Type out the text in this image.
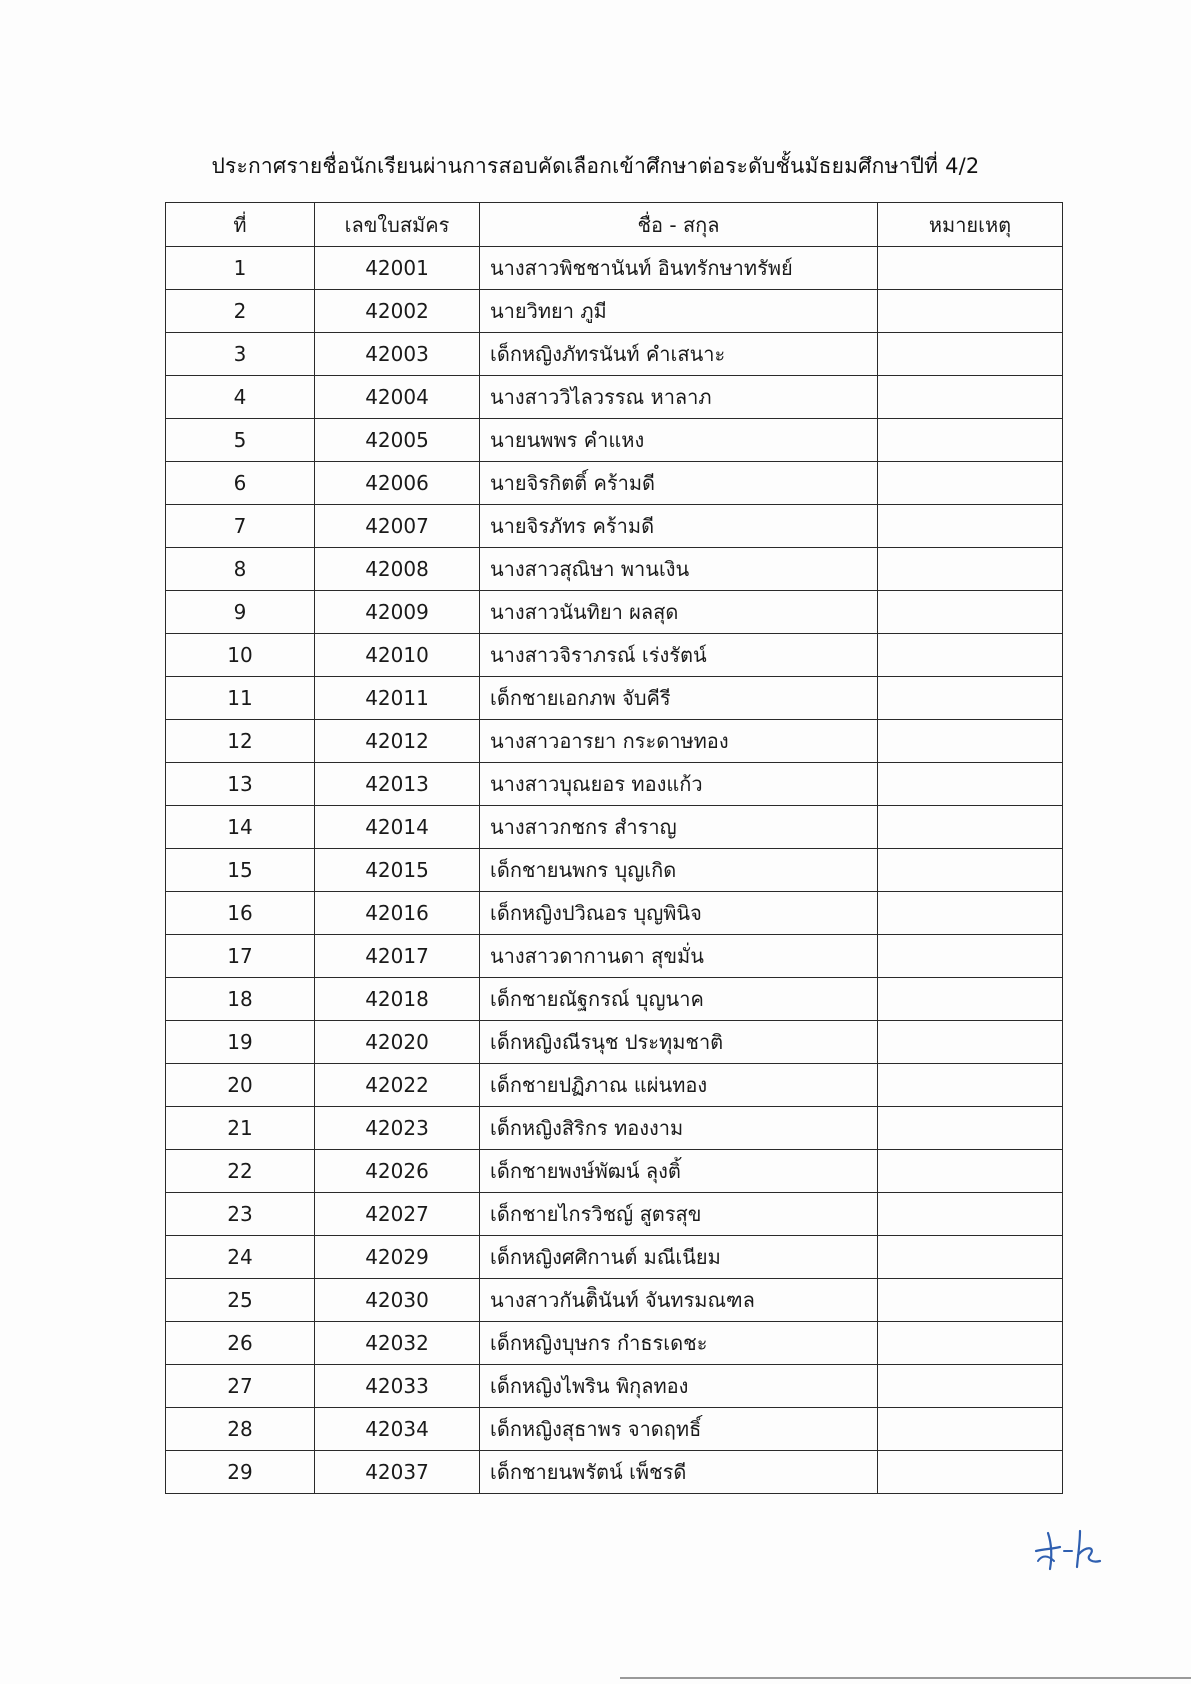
ประกาศรายชื่อนักเรียนผ่านการสอบคัดเลือกเข้าศึกษาต่อระดับชั้นมัธยมศึกษาปีที่ 4/2
ที่	เลขใบสมัคร	ชื่อ - สกุล	หมายเหตุ
1	42001	นางสาวพิชชานันท์ อินทรักษาทรัพย์	
2	42002	นายวิทยา ภูมี	
3	42003	เด็กหญิงภัทรนันท์ คำเสนาะ	
4	42004	นางสาววิไลวรรณ หาลาภ	
5	42005	นายนพพร คำแหง	
6	42006	นายจิรกิตติ์ คร้ามดี	
7	42007	นายจิรภัทร คร้ามดี	
8	42008	นางสาวสุณิษา พานเงิน	
9	42009	นางสาวนันทิยา ผลสุด	
10	42010	นางสาวจิราภรณ์ เร่งรัตน์	
11	42011	เด็กชายเอกภพ จับคีรี	
12	42012	นางสาวอารยา กระดาษทอง	
13	42013	นางสาวบุณยอร ทองแก้ว	
14	42014	นางสาวกชกร สำราญ	
15	42015	เด็กชายนพกร บุญเกิด	
16	42016	เด็กหญิงปวิณอร บุญพินิจ	
17	42017	นางสาวดากานดา สุขมั่น	
18	42018	เด็กชายณัฐกรณ์ บุญนาค	
19	42020	เด็กหญิงณีรนุช ประทุมชาติ	
20	42022	เด็กชายปฏิภาณ แผ่นทอง	
21	42023	เด็กหญิงสิริกร ทองงาม	
22	42026	เด็กชายพงษ์พัฒน์ ลุงติ้	
23	42027	เด็กชายไกรวิชญ์ สูตรสุข	
24	42029	เด็กหญิงศศิกานต์ มณีเนียม	
25	42030	นางสาวกันติินันท์ จันทรมณฑล	
26	42032	เด็กหญิงบุษกร กำธรเดชะ	
27	42033	เด็กหญิงไพริน พิกุลทอง	
28	42034	เด็กหญิงสุธาพร จาดฤทธิ์	
29	42037	เด็กชายนพรัตน์ เพ็ชรดี	
